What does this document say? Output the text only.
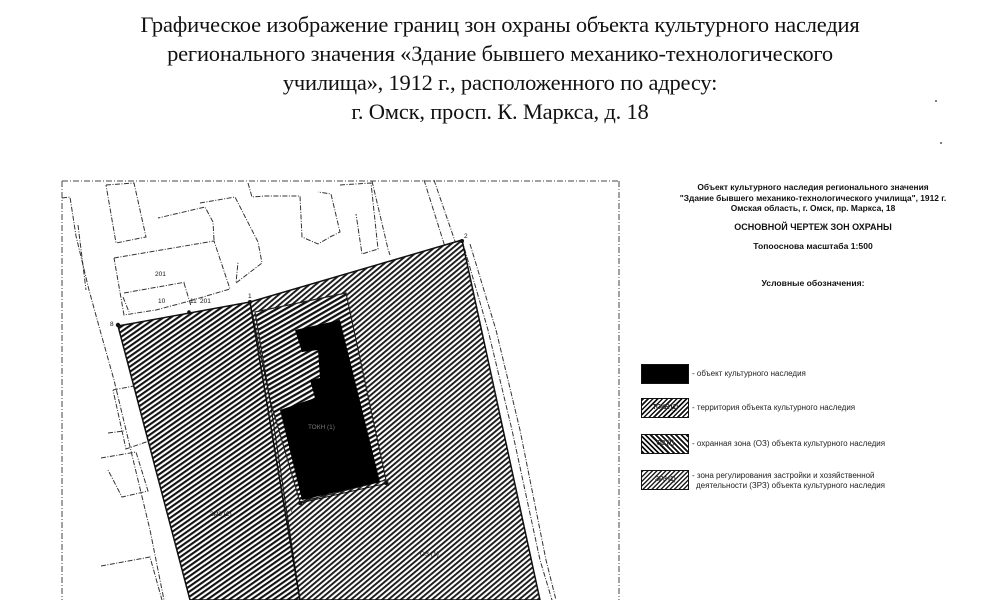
Графическое изображение границ зон охраны объекта культурного наследия
регионального значения «Здание бывшего механико-технологического
училища», 1912 г., расположенного по адресу:
г. Омск, просп. К. Маркса, д. 18
201
201
10	11
8
2
1
3
7
ЗР3 (2)
ОЗ (1)
ТОКН (1)
Объект культурного наследия регионального значения
"Здание бывшего механико-технологического училища", 1912 г.
Омская область, г. Омск, пр. Маркса, 18
ОСНОВНОЙ ЧЕРТЕЖ ЗОН ОХРАНЫ
Топооснова масштаба 1:500
Условные обозначения:
- объект культурного наследия
ТОКН (1)	- территория объекта культурного наследия
ОЗ (1)	- охранная зона (ОЗ) объекта культурного наследия
ЗРЗ (1)	- зона регулирования застройки и хозяйственной
деятельности (ЗРЗ) объекта культурного наследия
